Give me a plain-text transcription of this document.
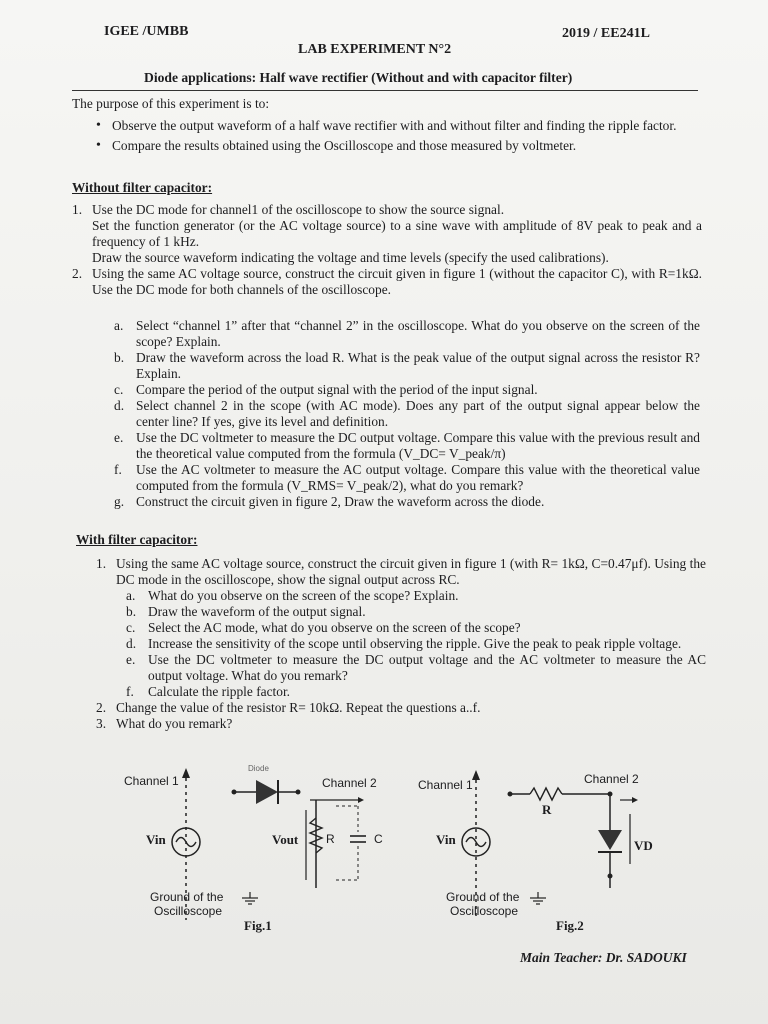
IGEE /UMBB	2019 / EE241L
LAB EXPERIMENT N°2
Diode applications: Half wave rectifier (Without and with capacitor filter)
The purpose of this experiment is to:
• Observe the output waveform of a half wave rectifier with and without filter and finding the ripple factor.
• Compare the results obtained using the Oscilloscope and those measured by voltmeter.
Without filter capacitor:
1. Use the DC mode for channel1 of the oscilloscope to show the source signal.
Set the function generator (or the AC voltage source) to a sine wave with amplitude of 8V peak to peak and a frequency of 1 kHz.
Draw the source waveform indicating the voltage and time levels (specify the used calibrations).
2. Using the same AC voltage source, construct the circuit given in figure 1 (without the capacitor C), with R=1kΩ. Use the DC mode for both channels of the oscilloscope.
a. Select “channel 1” after that “channel 2” in the oscilloscope. What do you observe on the screen of the scope? Explain.
b. Draw the waveform across the load R. What is the peak value of the output signal across the resistor R? Explain.
c. Compare the period of the output signal with the period of the input signal.
d. Select channel 2 in the scope (with AC mode). Does any part of the output signal appear below the center line? If yes, give its level and definition.
e. Use the DC voltmeter to measure the DC output voltage. Compare this value with the previous result and the theoretical value computed from the formula (V_DC= V_peak/π)
f. Use the AC voltmeter to measure the AC output voltage. Compare this value with the theoretical value computed from the formula (V_RMS= V_peak/2), what do you remark?
g. Construct the circuit given in figure 2, Draw the waveform across the diode.
With filter capacitor:
1. Using the same AC voltage source, construct the circuit given in figure 1 (with R= 1kΩ, C=0.47μf). Using the DC mode in the oscilloscope, show the signal output across RC.
a. What do you observe on the screen of the scope? Explain.
b. Draw the waveform of the output signal.
c. Select the AC mode, what do you observe on the screen of the scope?
d. Increase the sensitivity of the scope until observing the ripple. Give the peak to peak ripple voltage.
e. Use the DC voltmeter to measure the DC output voltage and the AC voltmeter to measure the AC output voltage. What do you remark?
f. Calculate the ripple factor.
2. Change the value of the resistor R= 10kΩ. Repeat the questions a..f.
3. What do you remark?
Channel 1
Diode
Channel 2
Vin	Vout R	C
Ground of the
Oscilloscope
Fig.1
Channel 1	Channel 2
R
Vin	VD
Ground of the
Oscilloscope
Fig.2
Main Teacher: Dr. SADOUKI
